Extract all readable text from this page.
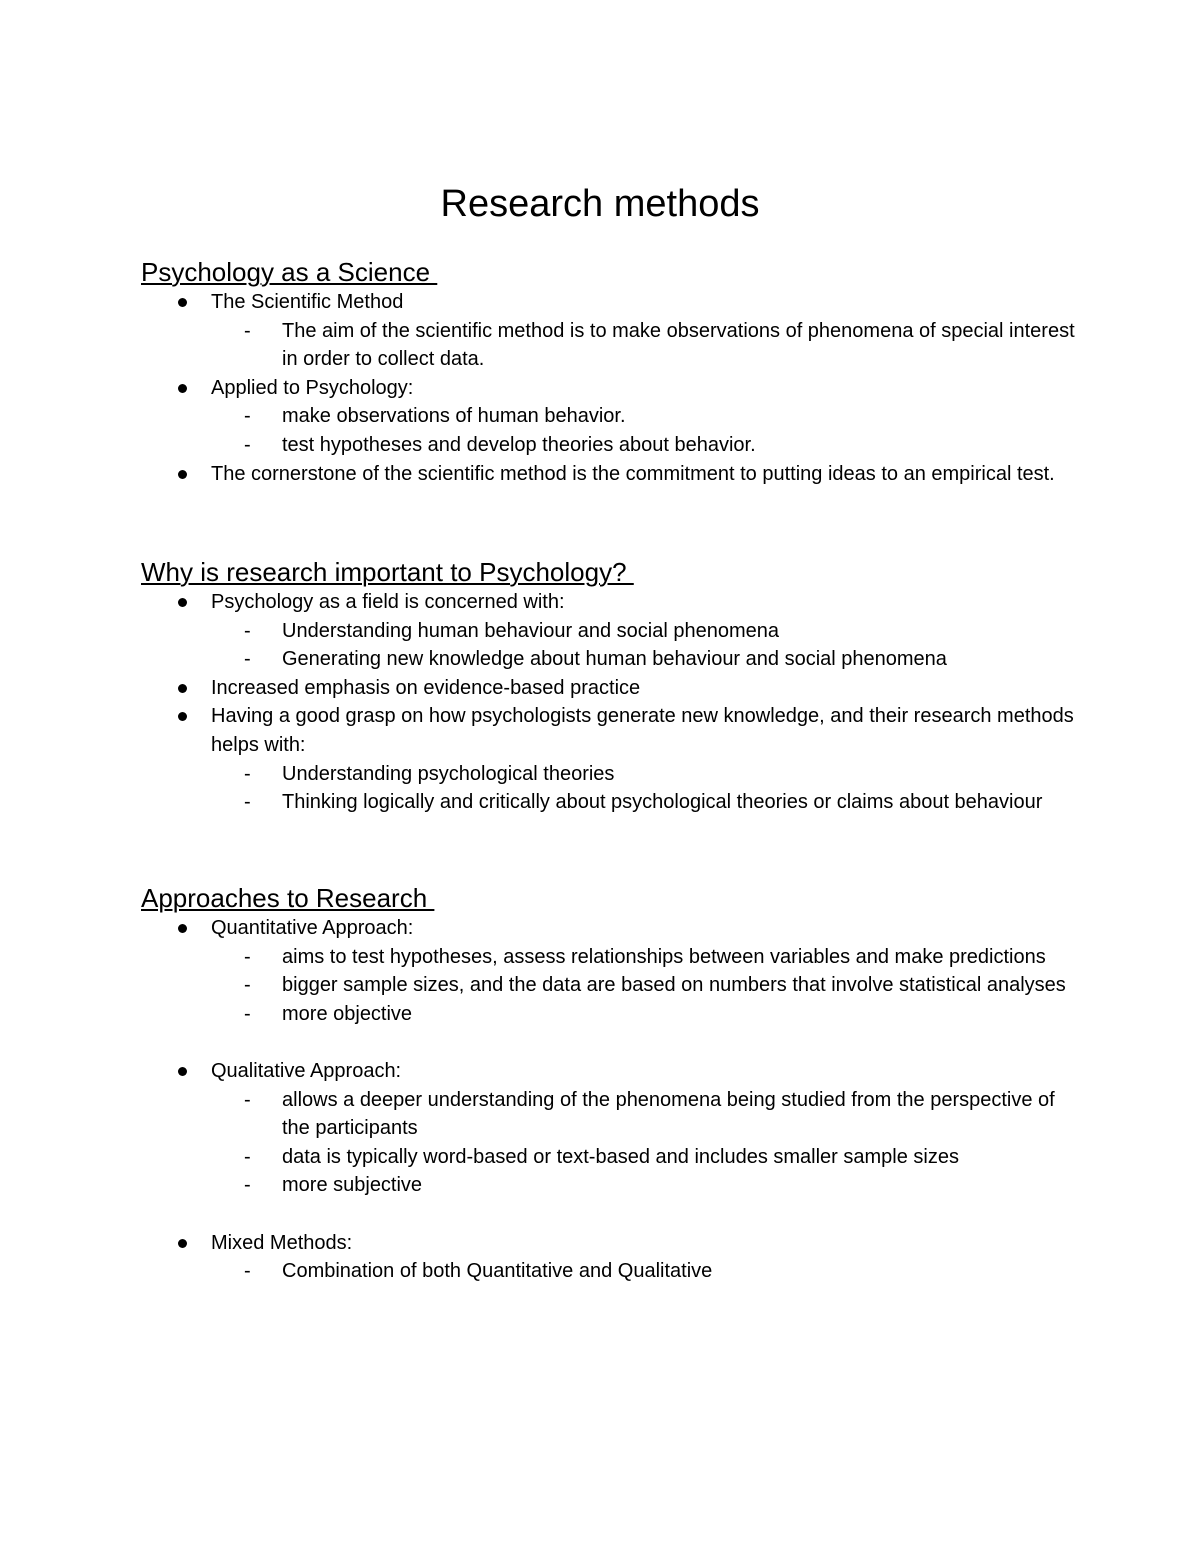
Research methods
Psychology as a Science
The Scientific Method
- The aim of the scientific method is to make observations of phenomena of special interest in order to collect data.
Applied to Psychology:
- make observations of human behavior.
- test hypotheses and develop theories about behavior.
The cornerstone of the scientific method is the commitment to putting ideas to an empirical test.
Why is research important to Psychology?
Psychology as a field is concerned with:
- Understanding human behaviour and social phenomena
- Generating new knowledge about human behaviour and social phenomena
Increased emphasis on evidence-based practice
Having a good grasp on how psychologists generate new knowledge, and their research methods helps with:
- Understanding psychological theories
- Thinking logically and critically about psychological theories or claims about behaviour
Approaches to Research
Quantitative Approach:
- aims to test hypotheses, assess relationships between variables and make predictions
- bigger sample sizes, and the data are based on numbers that involve statistical analyses
- more objective
Qualitative Approach:
- allows a deeper understanding of the phenomena being studied from the perspective of the participants
- data is typically word-based or text-based and includes smaller sample sizes
- more subjective
Mixed Methods:
- Combination of both Quantitative and Qualitative
